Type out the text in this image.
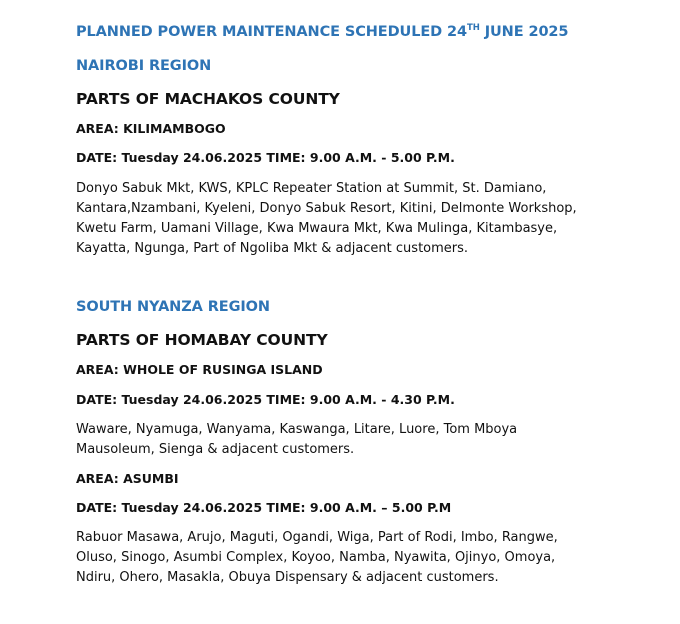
PLANNED POWER MAINTENANCE SCHEDULED 24TH JUNE 2025
NAIROBI REGION
PARTS OF MACHAKOS COUNTY
AREA: KILIMAMBOGO
DATE: Tuesday 24.06.2025 TIME: 9.00 A.M. - 5.00 P.M.
Donyo Sabuk Mkt, KWS, KPLC Repeater Station at Summit, St. Damiano,
Kantara,Nzambani, Kyeleni, Donyo Sabuk Resort, Kitini, Delmonte Workshop,
Kwetu Farm, Uamani Village, Kwa Mwaura Mkt, Kwa Mulinga, Kitambasye,
Kayatta, Ngunga, Part of Ngoliba Mkt & adjacent customers.
SOUTH NYANZA REGION
PARTS OF HOMABAY COUNTY
AREA: WHOLE OF RUSINGA ISLAND
DATE: Tuesday 24.06.2025 TIME: 9.00 A.M. - 4.30 P.M.
Waware, Nyamuga, Wanyama, Kaswanga, Litare, Luore, Tom Mboya
Mausoleum, Sienga & adjacent customers.
AREA: ASUMBI
DATE: Tuesday 24.06.2025 TIME: 9.00 A.M. – 5.00 P.M
Rabuor Masawa, Arujo, Maguti, Ogandi, Wiga, Part of Rodi, Imbo, Rangwe,
Oluso, Sinogo, Asumbi Complex, Koyoo, Namba, Nyawita, Ojinyo, Omoya,
Ndiru, Ohero, Masakla, Obuya Dispensary & adjacent customers.
